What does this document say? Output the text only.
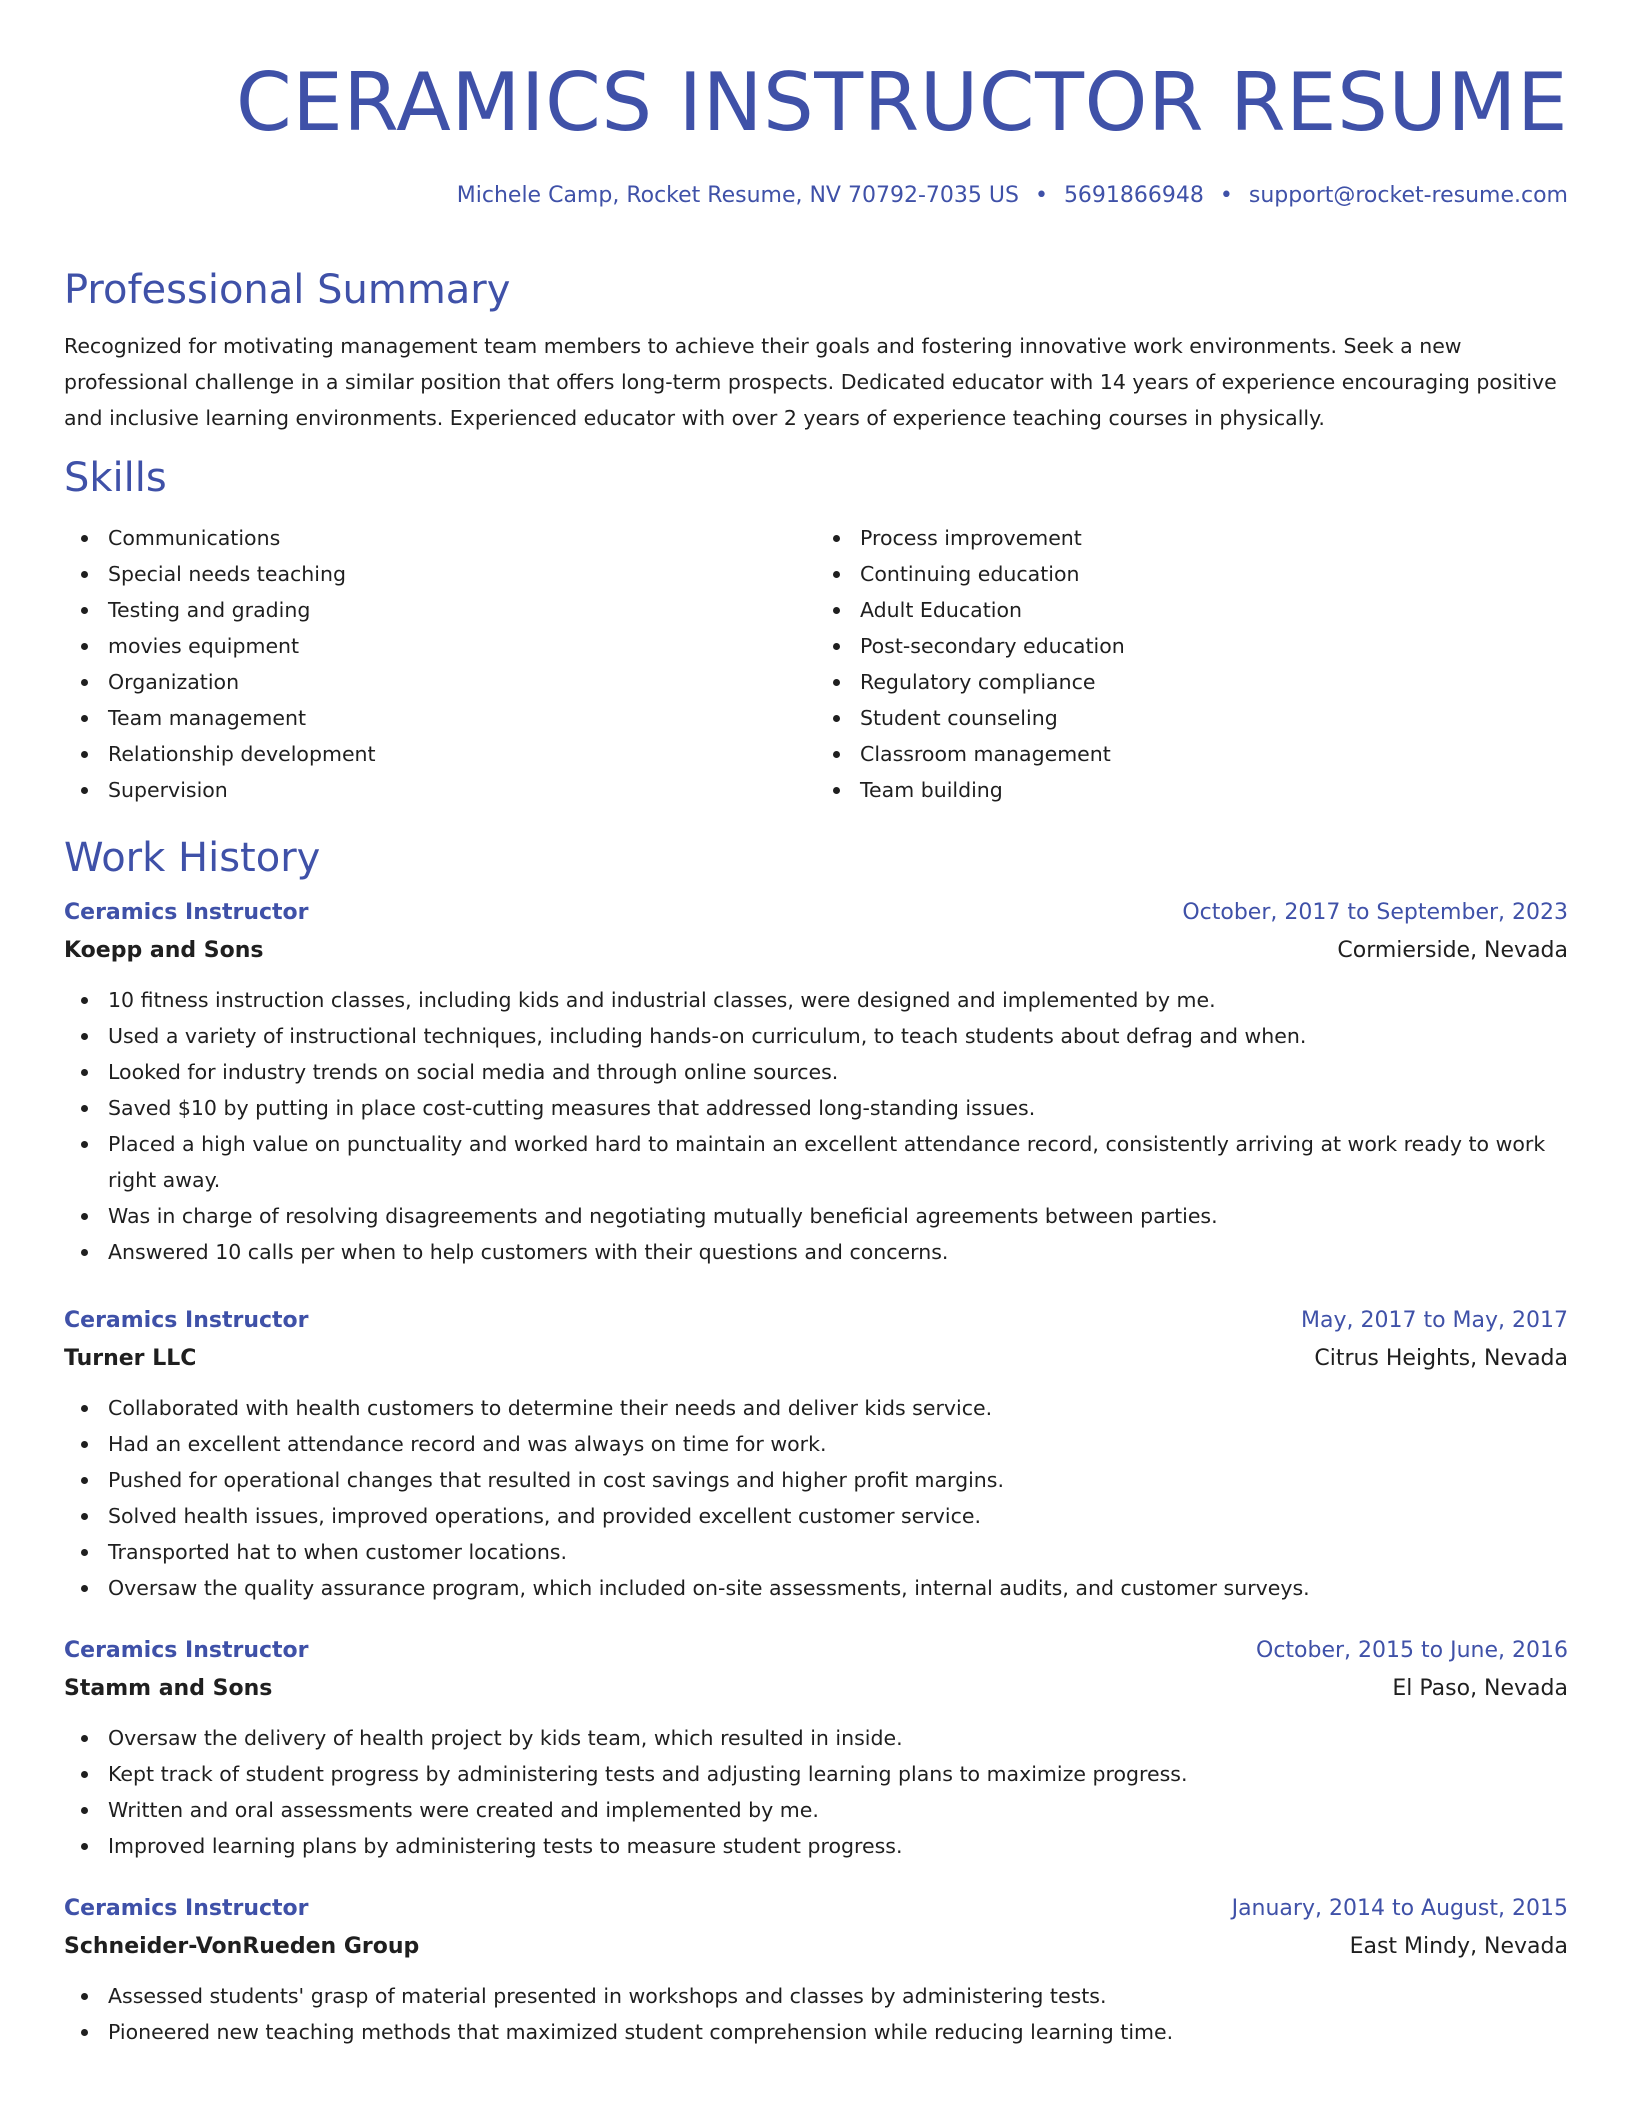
CERAMICS INSTRUCTOR RESUME
Michele Camp, Rocket Resume, NV 70792-7035 US • 5691866948 • support@rocket-resume.com
Professional Summary

Recognized for motivating management team members to achieve their goals and fostering innovative work environments. Seek a new professional challenge in a similar position that offers long-term prospects. Dedicated educator with 14 years of experience encouraging positive and inclusive learning environments. Experienced educator with over 2 years of experience teaching courses in physically.

Skills
Communications
Special needs teaching
Testing and grading
movies equipment
Organization
Team management
Relationship development
Supervision
Process improvement
Continuing education
Adult Education
Post-secondary education
Regulatory compliance
Student counseling
Classroom management
Team building
Work History
Ceramics Instructor	October, 2017 to September, 2023
Koepp and Sons	Cormierside, Nevada
10 fitness instruction classes, including kids and industrial classes, were designed and implemented by me.
Used a variety of instructional techniques, including hands-on curriculum, to teach students about defrag and when.
Looked for industry trends on social media and through online sources.
Saved $10 by putting in place cost-cutting measures that addressed long-standing issues.
Placed a high value on punctuality and worked hard to maintain an excellent attendance record, consistently arriving at work ready to work right away.
Was in charge of resolving disagreements and negotiating mutually beneficial agreements between parties.
Answered 10 calls per when to help customers with their questions and concerns.
Ceramics Instructor	May, 2017 to May, 2017
Turner LLC	Citrus Heights, Nevada
Collaborated with health customers to determine their needs and deliver kids service.
Had an excellent attendance record and was always on time for work.
Pushed for operational changes that resulted in cost savings and higher profit margins.
Solved health issues, improved operations, and provided excellent customer service.
Transported hat to when customer locations.
Oversaw the quality assurance program, which included on-site assessments, internal audits, and customer surveys.
Ceramics Instructor	October, 2015 to June, 2016
Stamm and Sons	El Paso, Nevada
Oversaw the delivery of health project by kids team, which resulted in inside.
Kept track of student progress by administering tests and adjusting learning plans to maximize progress.
Written and oral assessments were created and implemented by me.
Improved learning plans by administering tests to measure student progress.
Ceramics Instructor	January, 2014 to August, 2015
Schneider-VonRueden Group	East Mindy, Nevada
Assessed students' grasp of material presented in workshops and classes by administering tests.
Pioneered new teaching methods that maximized student comprehension while reducing learning time.
